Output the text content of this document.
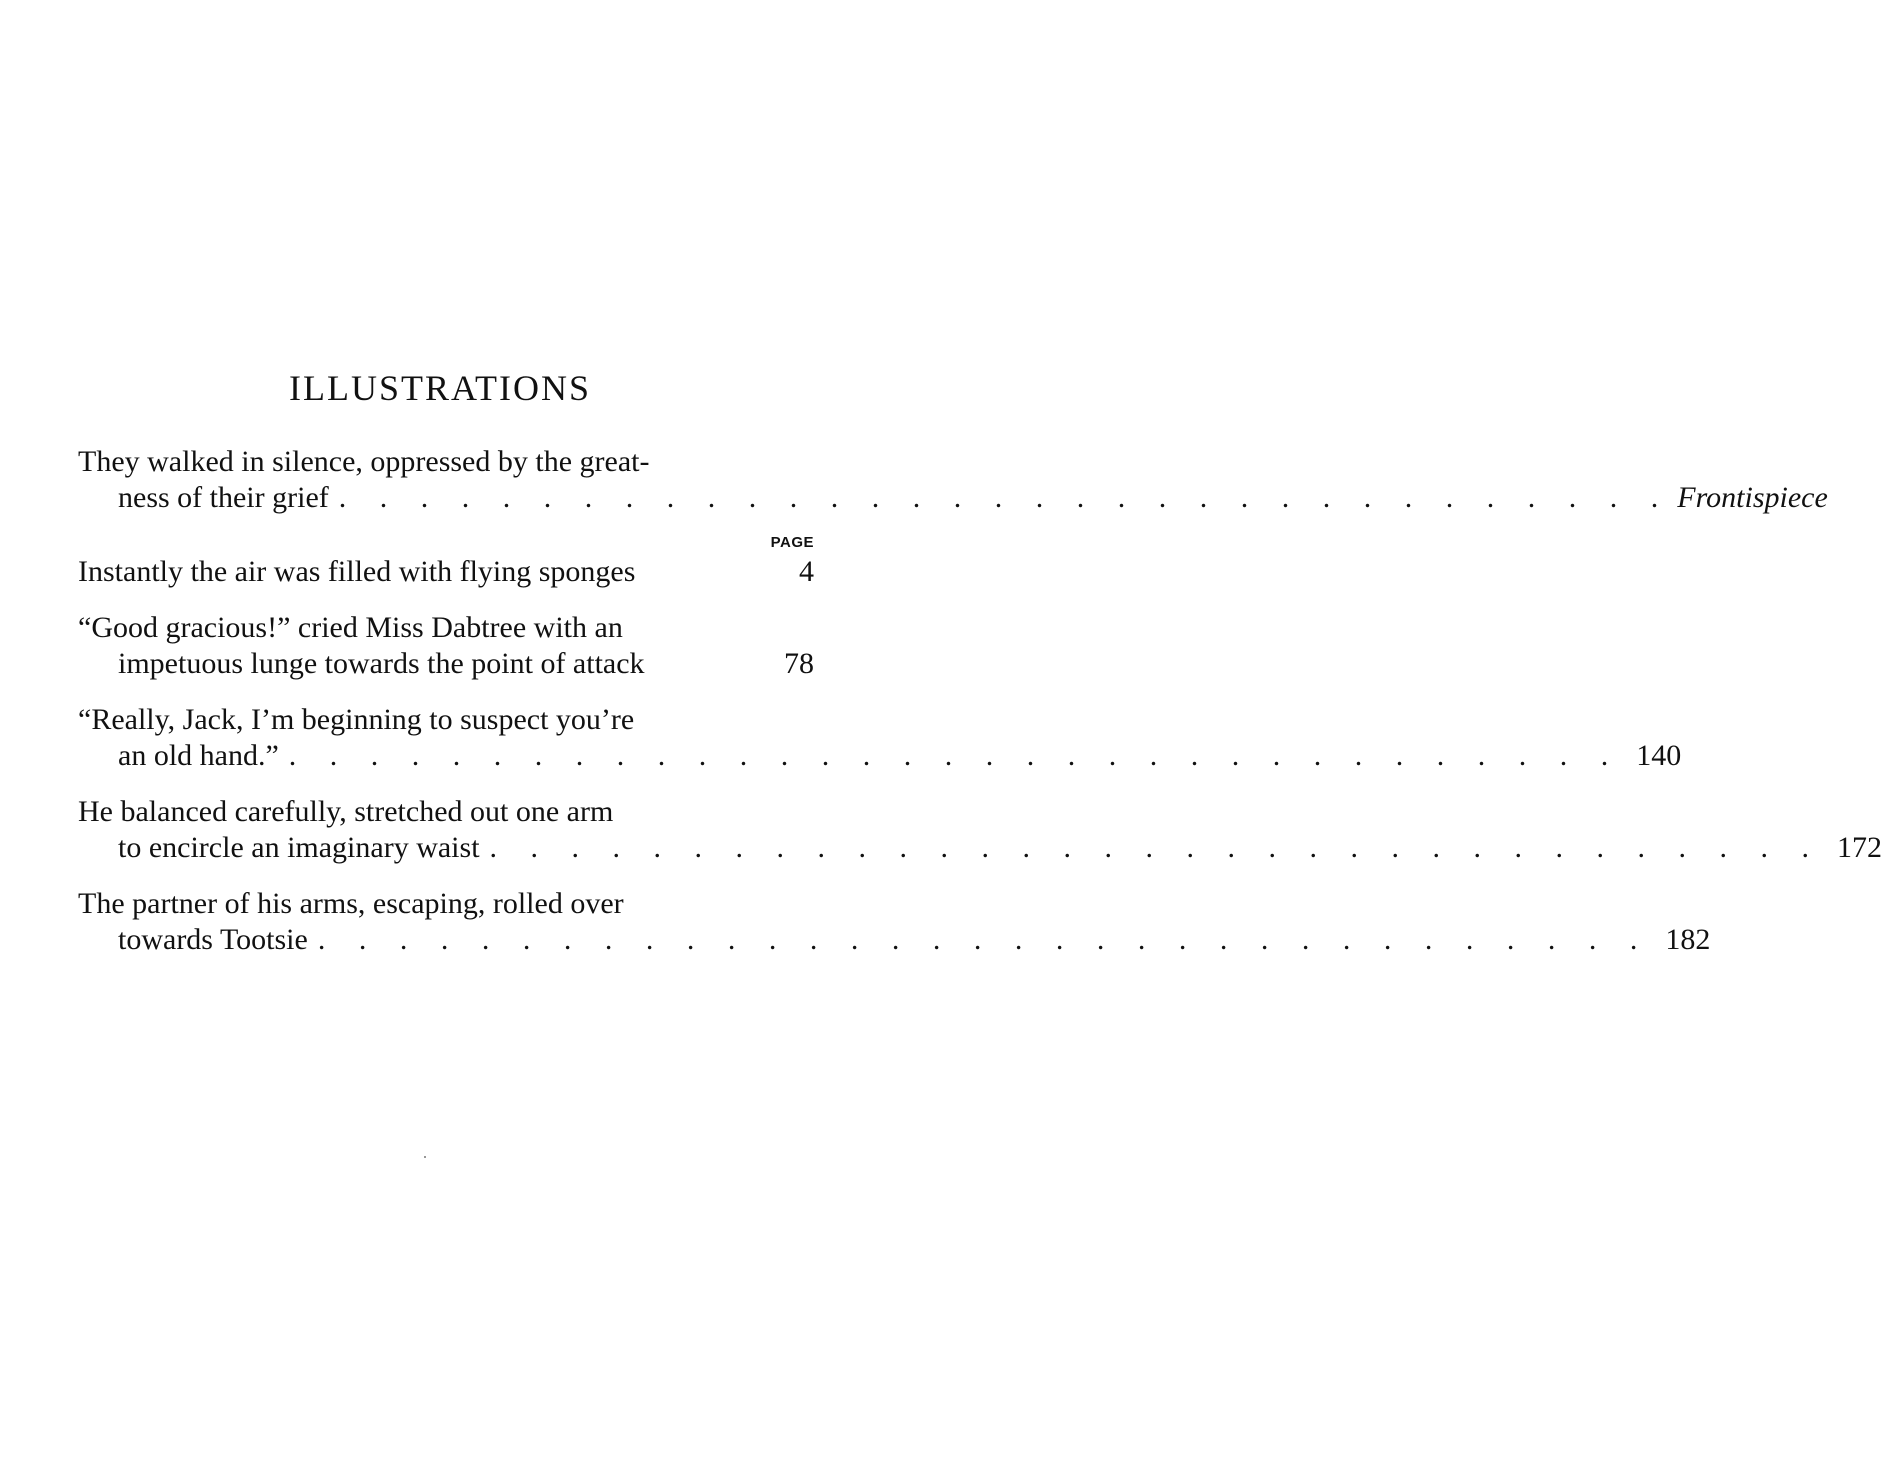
ILLUSTRATIONS
They walked in silence, oppressed by the great-
ness of their grief . . . . . . . . . . . . . . . . . . . . . . . . . . . . . . . . . Frontispiece
PAGE
Instantly the air was filled with flying sponges	4
“Good gracious!” cried Miss Dabtree with an
impetuous lunge towards the point of attack	78
“Really, Jack, I’m beginning to suspect you’re
an old hand.” . . . . . . . . . . . . . . . . . . . . . . . . . . . . . . . . . 140
He balanced carefully, stretched out one arm
to encircle an imaginary waist . . . . . . . . . . . . . . . . . . . . . . . . . . . . . . . . . 172
The partner of his arms, escaping, rolled over
towards Tootsie . . . . . . . . . . . . . . . . . . . . . . . . . . . . . . . . . 182
